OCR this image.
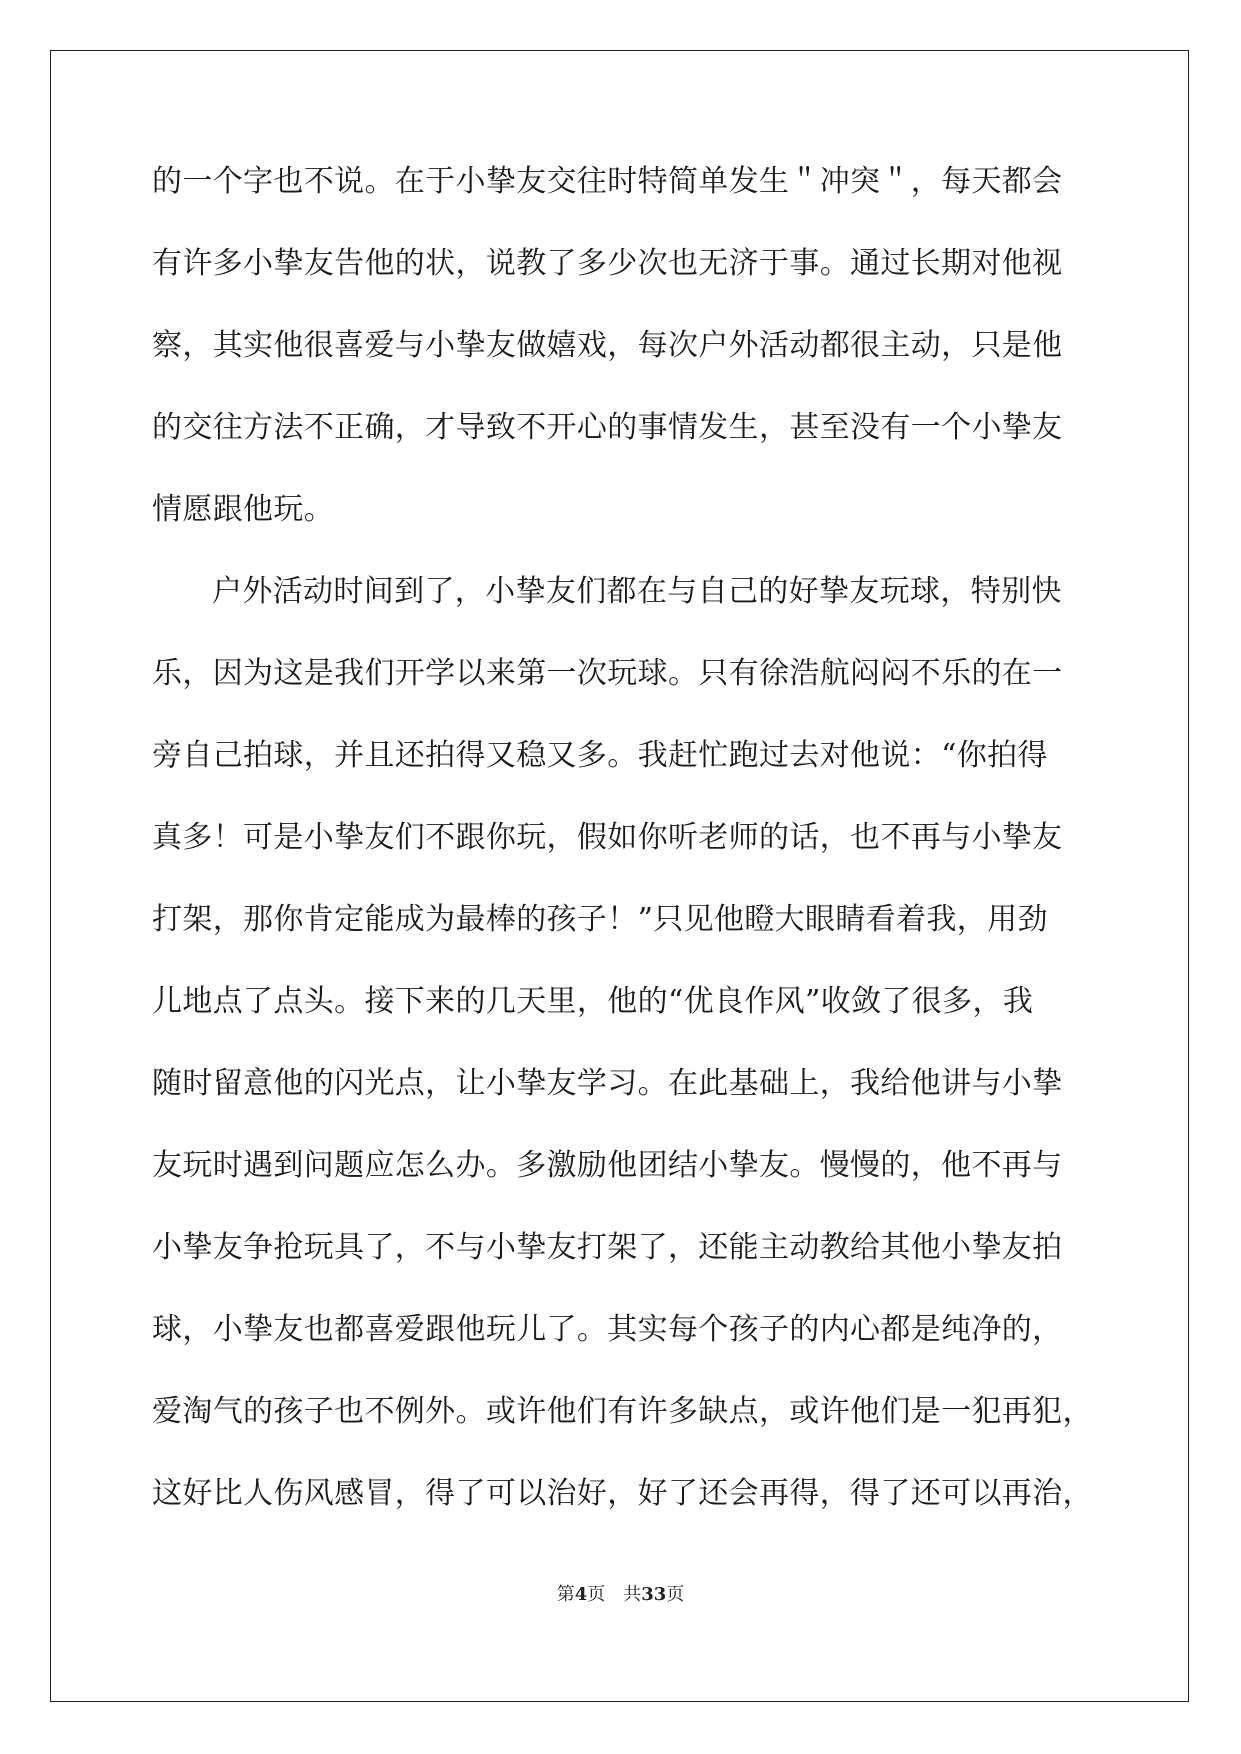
的一个字也不说。在于小挚友交往时特简单发生＂冲突＂，每天都会
有许多小挚友告他的状，说教了多少次也无济于事。通过长期对他视
察，其实他很喜爱与小挚友做嬉戏，每次户外活动都很主动，只是他
的交往方法不正确，才导致不开心的事情发生，甚至没有一个小挚友
情愿跟他玩。
户外活动时间到了，小挚友们都在与自己的好挚友玩球，特别快
乐，因为这是我们开学以来第一次玩球。只有徐浩航闷闷不乐的在一
旁自己拍球，并且还拍得又稳又多。我赶忙跑过去对他说：“你拍得
真多！可是小挚友们不跟你玩，假如你听老师的话，也不再与小挚友
打架，那你肯定能成为最棒的孩子！”只见他瞪大眼睛看着我，用劲
儿地点了点头。接下来的几天里，他的“优良作风”收敛了很多，我
随时留意他的闪光点，让小挚友学习。在此基础上，我给他讲与小挚
友玩时遇到问题应怎么办。多激励他团结小挚友。慢慢的，他不再与
小挚友争抢玩具了，不与小挚友打架了，还能主动教给其他小挚友拍
球，小挚友也都喜爱跟他玩儿了。其实每个孩子的内心都是纯净的，
爱淘气的孩子也不例外。或许他们有许多缺点，或许他们是一犯再犯，
这好比人伤风感冒，得了可以治好，好了还会再得，得了还可以再治，
第4页 共33页
